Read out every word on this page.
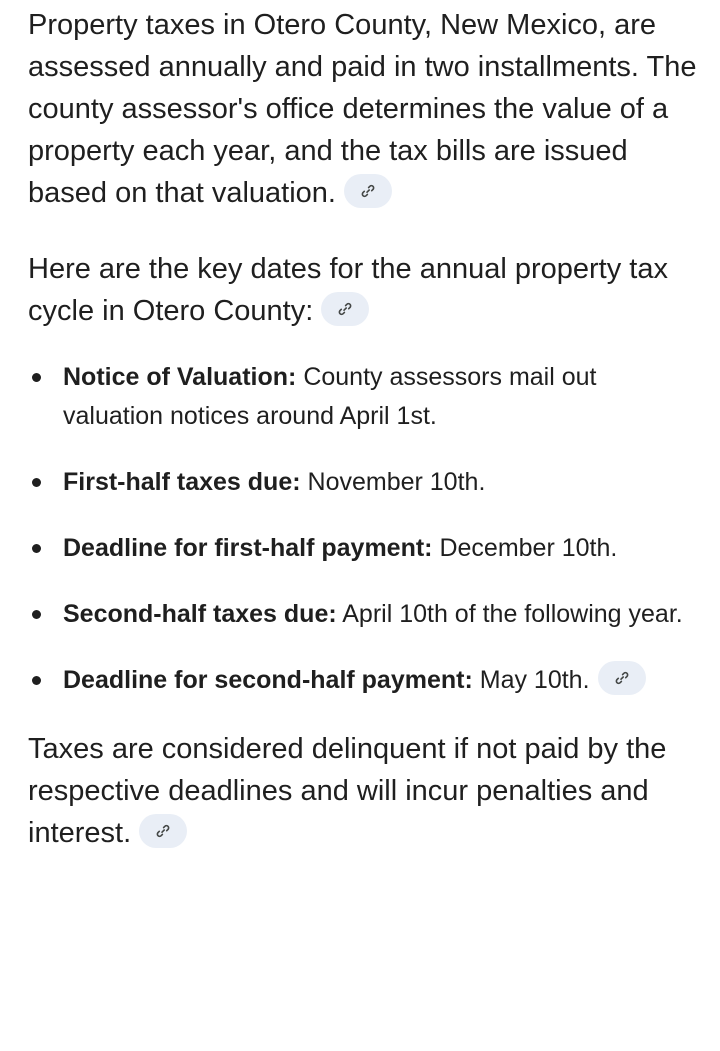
Property taxes in Otero County, New Mexico, are assessed annually and paid in two installments. The county assessor's office determines the value of a property each year, and the tax bills are issued based on that valuation.

Here are the key dates for the annual property tax cycle in Otero County:

Notice of Valuation: County assessors mail out valuation notices around April 1st.
First-half taxes due: November 10th.
Deadline for first-half payment: December 10th.
Second-half taxes due: April 10th of the following year.
Deadline for second-half payment: May 10th.

Taxes are considered delinquent if not paid by the respective deadlines and will incur penalties and interest.
